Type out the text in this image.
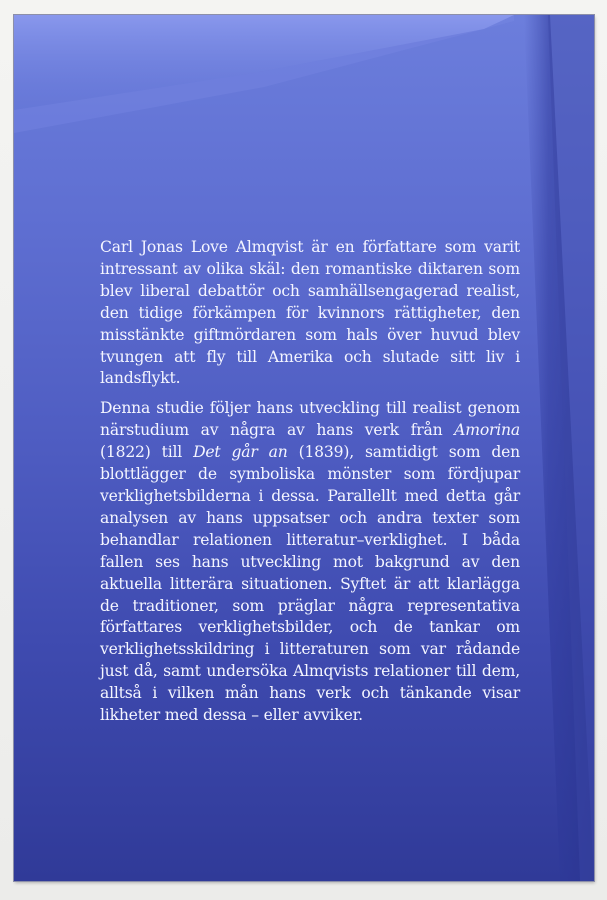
Carl Jonas Love Almqvist är en författare som varit intressant av olika skäl: den romantiske diktaren som blev liberal debattör och samhällsengagerad realist, den tidige förkämpen för kvinnors rättigheter, den misstänkte giftmördaren som hals över huvud blev tvungen att fly till Amerika och slutade sitt liv i landsflykt.

Denna studie följer hans utveckling till realist genom närstudium av några av hans verk från Amorina (1822) till Det går an (1839), samtidigt som den blottlägger de symboliska mönster som fördjupar verklighetsbilderna i dessa. Parallellt med detta går analysen av hans uppsatser och andra texter som behandlar relationen litteratur–verklighet. I båda fallen ses hans utveckling mot bakgrund av den aktuella litterära situationen. Syftet är att klarlägga de traditioner, som präglar några representativa författares verklighetsbilder, och de tankar om verklighetsskildring i litteraturen som var rådande just då, samt undersöka Almqvists relationer till dem, alltså i vilken mån hans verk och tänkande visar likheter med dessa – eller avviker.
